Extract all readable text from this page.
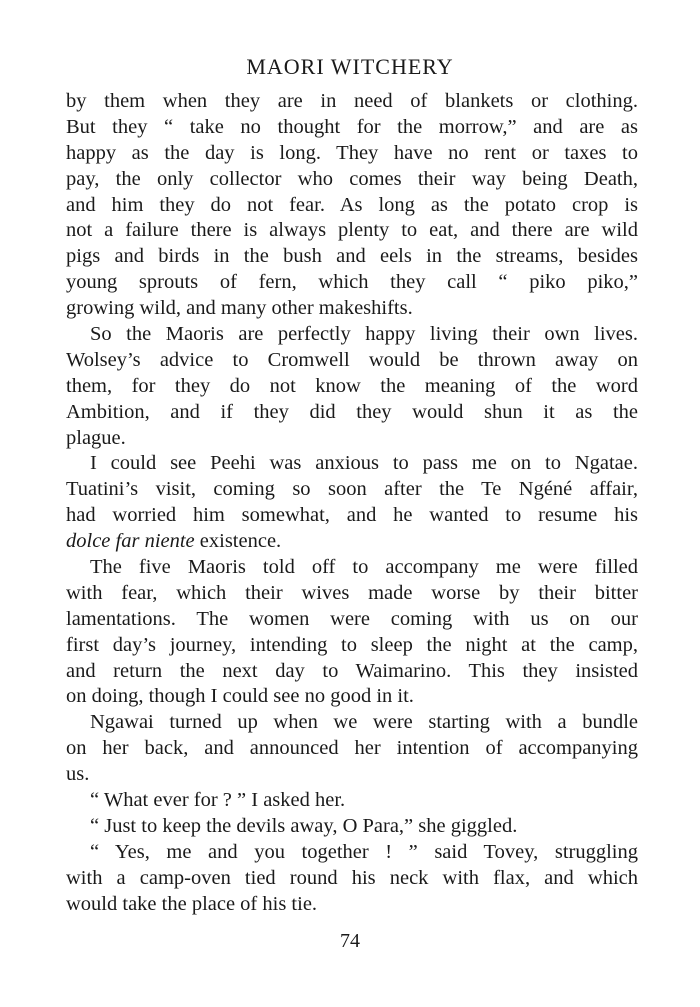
MAORI WITCHERY
by them when they are in need of blankets or clothing.
But they “ take no thought for the morrow,” and are as
happy as the day is long. They have no rent or taxes to
pay, the only collector who comes their way being Death,
and him they do not fear. As long as the potato crop is
not a failure there is always plenty to eat, and there are wild
pigs and birds in the bush and eels in the streams, besides
young sprouts of fern, which they call “ piko piko,”
growing wild, and many other makeshifts.
So the Maoris are perfectly happy living their own lives.
Wolsey’s advice to Cromwell would be thrown away on
them, for they do not know the meaning of the word
Ambition, and if they did they would shun it as the
plague.
I could see Peehi was anxious to pass me on to Ngatae.
Tuatini’s visit, coming so soon after the Te Ngéné affair,
had worried him somewhat, and he wanted to resume his
dolce far niente existence.
The five Maoris told off to accompany me were filled
with fear, which their wives made worse by their bitter
lamentations. The women were coming with us on our
first day’s journey, intending to sleep the night at the camp,
and return the next day to Waimarino. This they insisted
on doing, though I could see no good in it.
Ngawai turned up when we were starting with a bundle
on her back, and announced her intention of accompanying
us.
“ What ever for ? ” I asked her.
“ Just to keep the devils away, O Para,” she giggled.
“ Yes, me and you together ! ” said Tovey, struggling
with a camp-oven tied round his neck with flax, and which
would take the place of his tie.
74
